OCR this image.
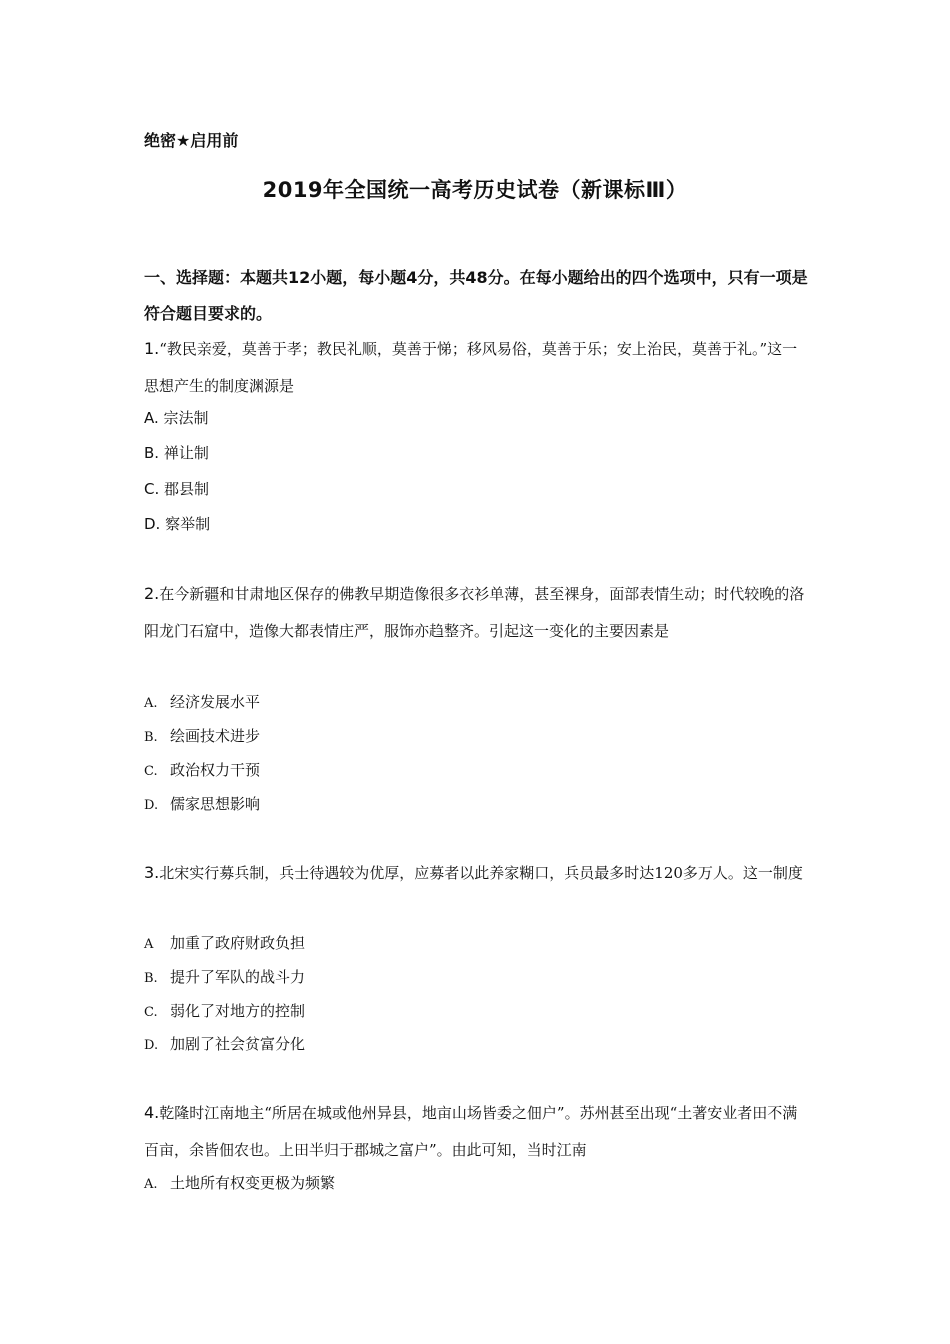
绝密★启用前
2019年全国统一高考历史试卷（新课标Ⅲ）
一、选择题：本题共12小题，每小题4分，共48分。在每小题给出的四个选项中，只有一项是符合题目要求的。
1.“教民亲爱，莫善于孝；教民礼顺，莫善于悌；移风易俗，莫善于乐；安上治民，莫善于礼。”这一思想产生的制度渊源是
A. 宗法制
B. 禅让制
C. 郡县制
D. 察举制
2.在今新疆和甘肃地区保存的佛教早期造像很多衣衫单薄，甚至裸身，面部表情生动；时代较晚的洛阳龙门石窟中，造像大都表情庄严，服饰亦趋整齐。引起这一变化的主要因素是
A. 经济发展水平
B. 绘画技术进步
C. 政治权力干预
D. 儒家思想影响
3.北宋实行募兵制，兵士待遇较为优厚，应募者以此养家糊口，兵员最多时达120多万人。这一制度
A 加重了政府财政负担
B. 提升了军队的战斗力
C. 弱化了对地方的控制
D. 加剧了社会贫富分化
4.乾隆时江南地主“所居在城或他州异县，地亩山场皆委之佃户”。苏州甚至出现“土著安业者田不满百亩，余皆佃农也。上田半归于郡城之富户”。由此可知，当时江南
A. 土地所有权变更极为频繁
